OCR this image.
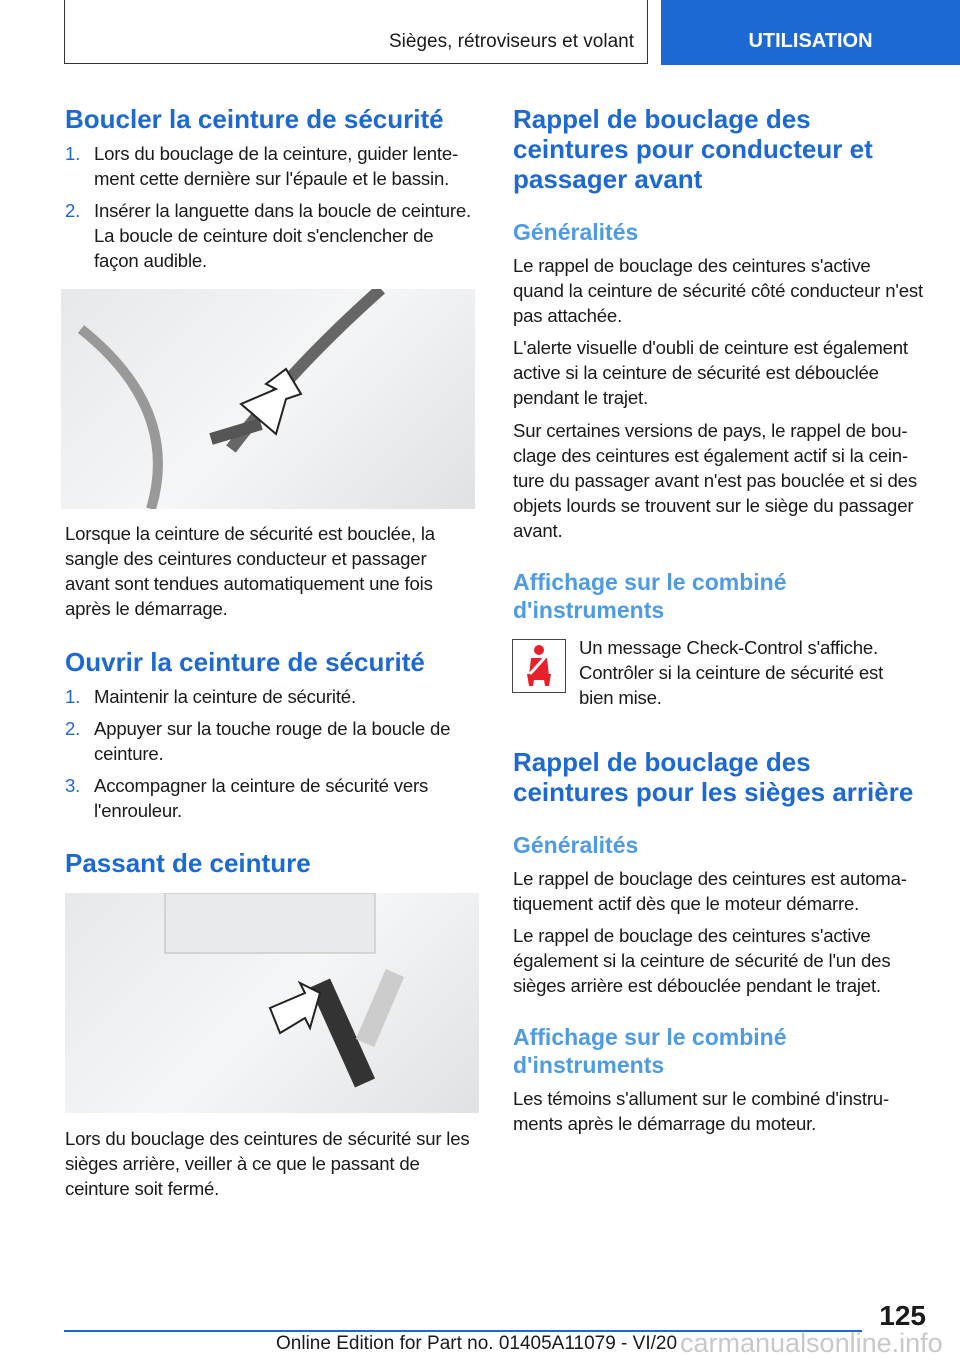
Sièges, rétroviseurs et volant	UTILISATION
Boucler la ceinture de sécurité
1. Lors du bouclage de la ceinture, guider lentement cette dernière sur l'épaule et le bassin.
2. Insérer la languette dans la boucle de ceinture. La boucle de ceinture doit s'enclencher de façon audible.

Lorsque la ceinture de sécurité est bouclée, la sangle des ceintures conducteur et passager avant sont tendues automatiquement une fois après le démarrage.

Ouvrir la ceinture de sécurité
1. Maintenir la ceinture de sécurité.
2. Appuyer sur la touche rouge de la boucle de ceinture.
3. Accompagner la ceinture de sécurité vers l'enrouleur.
Passant de ceinture

Lors du bouclage des ceintures de sécurité sur les sièges arrière, veiller à ce que le passant de ceinture soit fermé.

Rappel de bouclage des ceintures pour conducteur et passager avant
Généralités

Le rappel de bouclage des ceintures s'active quand la ceinture de sécurité côté conducteur n'est pas attachée.

L'alerte visuelle d'oubli de ceinture est également active si la ceinture de sécurité est débouclée pendant le trajet.

Sur certaines versions de pays, le rappel de bouclage des ceintures est également actif si la ceinture du passager avant n'est pas bouclée et si des objets lourds se trouvent sur le siège du passager avant.

Affichage sur le combiné d'instruments

Un message Check-Control s'affiche. Contrôler si la ceinture de sécurité est bien mise.

Rappel de bouclage des ceintures pour les sièges arrière
Généralités

Le rappel de bouclage des ceintures est automatiquement actif dès que le moteur démarre.

Le rappel de bouclage des ceintures s'active également si la ceinture de sécurité de l'un des sièges arrière est débouclée pendant le trajet.

Affichage sur le combiné d'instruments

Les témoins s'allument sur le combiné d'instruments après le démarrage du moteur.

125
Online Edition for Part no. 01405A11079 - VI/20 carmanualsonline.info
